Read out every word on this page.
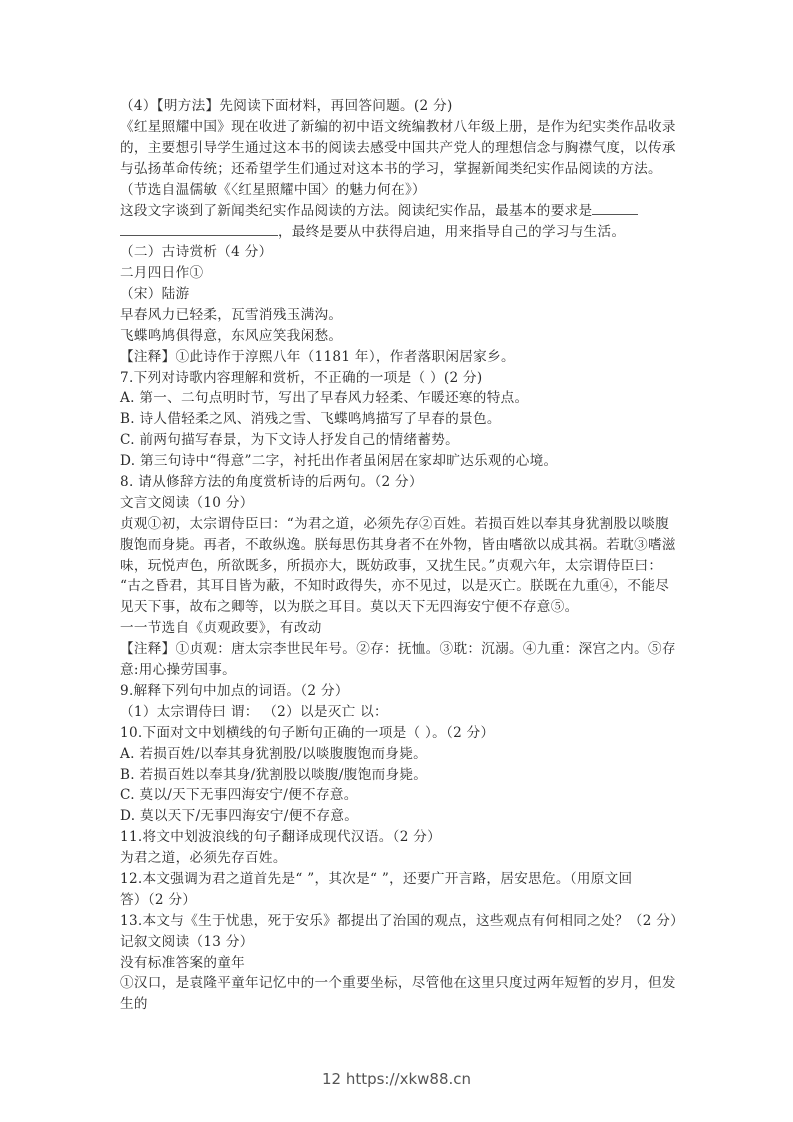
（4）【明方法】先阅读下面材料，再回答问题。(2 分)
《红星照耀中国》现在收进了新编的初中语文统编教材八年级上册，是作为纪实类作品收录
的，主要想引导学生通过这本书的阅读去感受中国共产党人的理想信念与胸襟气度，以传承
与弘扬革命传统；还希望学生们通过对这本书的学习，掌握新闻类纪实作品阅读的方法。
（节选自温儒敏《〈红星照耀中国〉的魅力何在》）
这段文字谈到了新闻类纪实作品阅读的方法。阅读纪实作品，最基本的要求是
，最终是要从中获得启迪，用来指导自己的学习与生活。
（二）古诗赏析（4 分）
二月四日作①
（宋）陆游
早春风力已轻柔，瓦雪消残玉满沟。
飞蝶鸣鸠俱得意，东风应笑我闲愁。
【注释】①此诗作于淳熙八年（1181 年），作者落职闲居家乡。
7.下列对诗歌内容理解和赏析，不正确的一项是（ ）(2 分)
A. 第一、二句点明时节，写出了早春风力轻柔、乍暖还寒的特点。
B. 诗人借轻柔之风、消残之雪、飞蝶鸣鸠描写了早春的景色。
C. 前两句描写春景，为下文诗人抒发自己的情绪蓄势。
D. 第三句诗中“得意”二字，衬托出作者虽闲居在家却旷达乐观的心境。
8. 请从修辞方法的角度赏析诗的后两句。（2 分）
文言文阅读（10 分）
贞观①初，太宗谓侍臣曰：“为君之道，必须先存②百姓。若损百姓以奉其身犹割股以啖腹
腹饱而身毙。再者，不敢纵逸。朕每思伤其身者不在外物，皆由嗜欲以成其祸。若耽③嗜滋
味，玩悦声色，所欲既多，所损亦大，既妨政事，又扰生民。”贞观六年，太宗谓侍臣曰：
“古之昏君，其耳目皆为蔽，不知时政得失，亦不见过，以是灭亡。朕既在九重④，不能尽
见天下事，故布之卿等，以为朕之耳目。莫以天下无四海安宁便不存意⑤。
一一节选自《贞观政要》，有改动
【注释】①贞观：唐太宗李世民年号。②存：抚恤。③耽：沉溺。④九重：深宫之内。⑤存
意:用心操劳国事。
9.解释下列句中加点的词语。（2 分）
（1）太宗谓侍曰 谓： （2）以是灭亡 以：
10.下面对文中划横线的句子断句正确的一项是（ ）。（2 分）
A. 若损百姓/以奉其身犹割股/以啖腹腹饱而身毙。
B. 若损百姓以奉其身/犹割股以啖腹/腹饱而身毙。
C. 莫以/天下无事四海安宁/便不存意。
D. 莫以天下/无事四海安宁/便不存意。
11.将文中划波浪线的句子翻译成现代汉语。（2 分）
为君之道，必须先存百姓。
12.本文强调为君之道首先是“ ”，其次是“ ”，还要广开言路，居安思危。（用原文回
答）（2 分）
13.本文与《生于忧患，死于安乐》都提出了治国的观点，这些观点有何相同之处？（2 分）
记叙文阅读（13 分）
没有标准答案的童年
①汉口，是袁隆平童年记忆中的一个重要坐标，尽管他在这里只度过两年短暂的岁月，但发
生的
12 https://xkw88.cn
